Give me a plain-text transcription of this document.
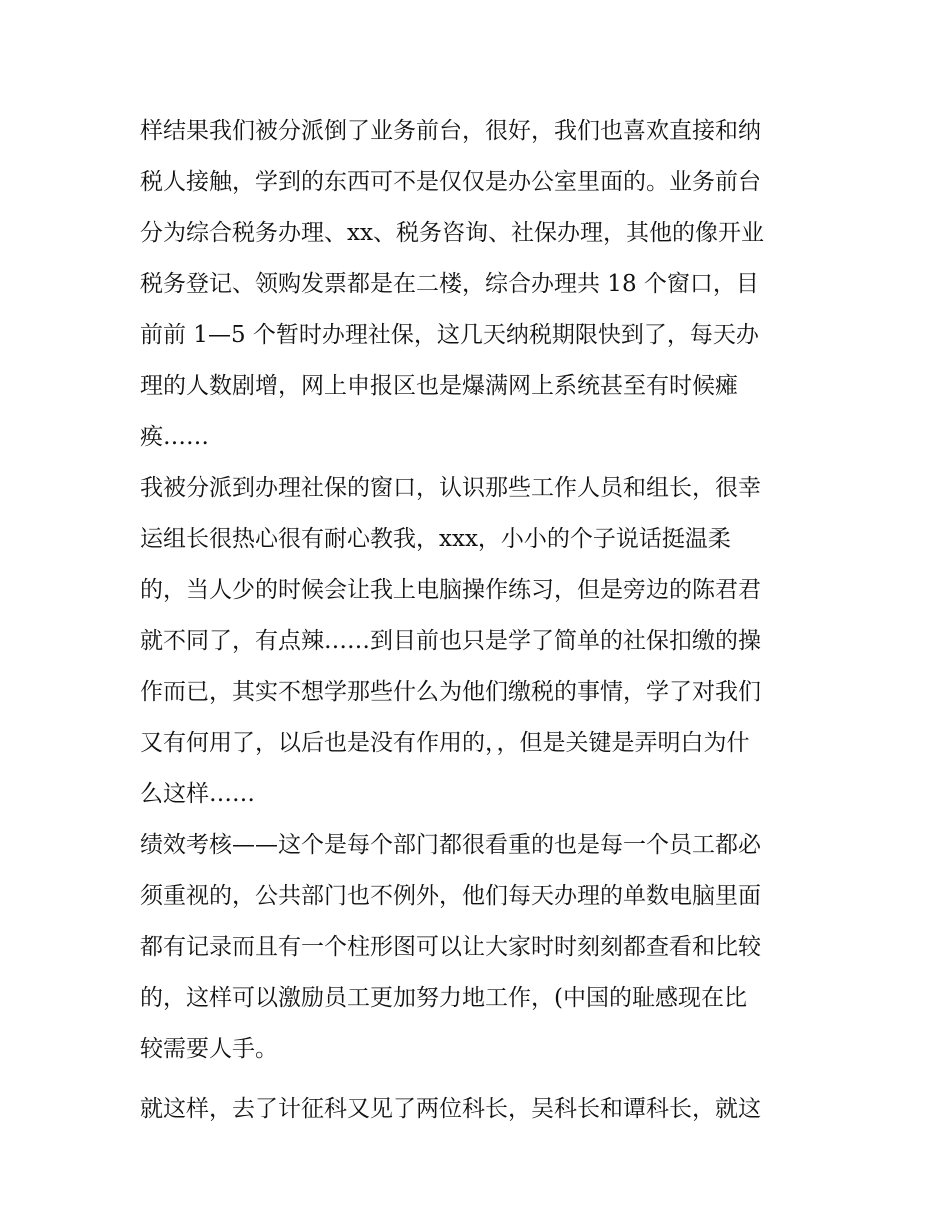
样结果我们被分派倒了业务前台，很好，我们也喜欢直接和纳
税人接触，学到的东西可不是仅仅是办公室里面的。业务前台
分为综合税务办理、xx、税务咨询、社保办理，其他的像开业
税务登记、领购发票都是在二楼，综合办理共 18 个窗口，目
前前 1—5 个暂时办理社保，这几天纳税期限快到了，每天办
理的人数剧增，网上申报区也是爆满网上系统甚至有时候瘫
痪……
我被分派到办理社保的窗口，认识那些工作人员和组长，很幸
运组长很热心很有耐心教我，xxx，小小的个子说话挺温柔
的，当人少的时候会让我上电脑操作练习，但是旁边的陈君君
就不同了，有点辣……到目前也只是学了简单的社保扣缴的操
作而已，其实不想学那些什么为他们缴税的事情，学了对我们
又有何用了，以后也是没有作用的，，但是关键是弄明白为什
么这样……
绩效考核——这个是每个部门都很看重的也是每一个员工都必
须重视的，公共部门也不例外，他们每天办理的单数电脑里面
都有记录而且有一个柱形图可以让大家时时刻刻都查看和比较
的，这样可以激励员工更加努力地工作，(中国的耻感现在比
较需要人手。
就这样，去了计征科又见了两位科长，吴科长和谭科长，就这
